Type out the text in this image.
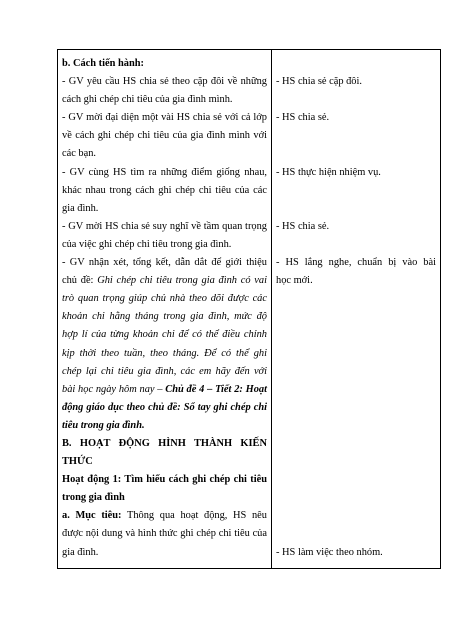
b. Cách tiến hành:
- GV yêu cầu HS chia sẻ theo cặp đôi về những
cách ghi chép chi tiêu của gia đình mình.
- GV mời đại diện một vài HS chia sẻ với cả lớp
về cách ghi chép chi tiêu của gia đình mình với
các bạn.
- GV cùng HS tìm ra những điểm giống nhau,
khác nhau trong cách ghi chép chi tiêu của các
gia đình.
- GV mời HS chia sẻ suy nghĩ về tầm quan trọng
của việc ghi chép chi tiêu trong gia đình.
- GV nhận xét, tổng kết, dẫn dắt để giới thiệu
chủ đề: Ghi chép chi tiêu trong gia đình có vai
trò quan trọng giúp chủ nhà theo dõi được các
khoản chi hằng tháng trong gia đình, mức độ
hợp lí của từng khoản chi để có thể điều chỉnh
kịp thời theo tuần, theo tháng. Để có thể ghi
chép lại chi tiêu gia đình, các em hãy đến với
bài học ngày hôm nay – Chủ đề 4 – Tiết 2: Hoạt
động giáo dục theo chủ đề: Sổ tay ghi chép chi
tiêu trong gia đình.
B. HOẠT ĐỘNG HÌNH THÀNH KIẾN
THỨC
Hoạt động 1: Tìm hiểu cách ghi chép chi tiêu
trong gia đình
a. Mục tiêu: Thông qua hoạt động, HS nêu
được nội dung và hình thức ghi chép chi tiêu của
gia đình.
- HS chia sẻ cặp đôi.
- HS chia sẻ.
- HS thực hiện nhiệm vụ.
- HS chia sẻ.
- HS lắng nghe, chuẩn bị vào bài
học mới.
- HS làm việc theo nhóm.
